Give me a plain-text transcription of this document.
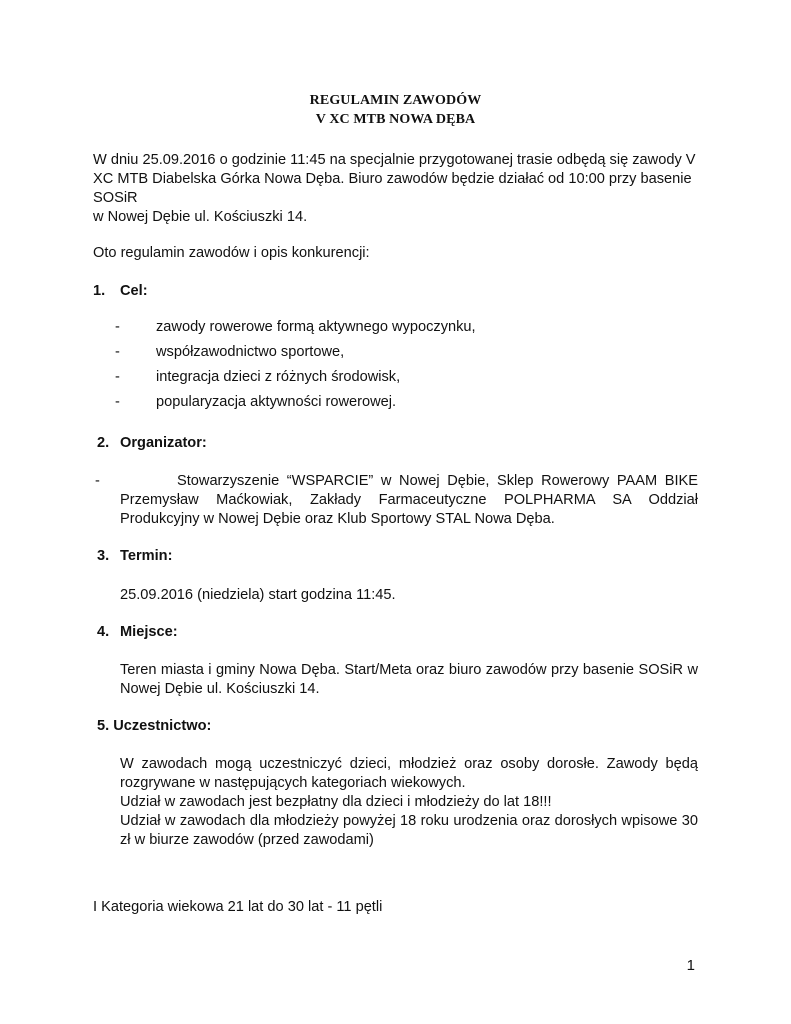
REGULAMIN ZAWODÓW
V XC MTB NOWA DĘBA
W dniu 25.09.2016 o godzinie 11:45 na specjalnie przygotowanej trasie odbędą się zawody V
XC MTB Diabelska Górka Nowa Dęba. Biuro zawodów będzie działać od 10:00 przy basenie
SOSiR
w Nowej Dębie ul. Kościuszki 14.
Oto regulamin zawodów i opis konkurencji:
1. Cel:
- zawody rowerowe formą aktywnego wypoczynku,
- współzawodnictwo sportowe,
- integracja dzieci z różnych środowisk,
- popularyzacja aktywności rowerowej.
2. Organizator:
-	Stowarzyszenie “WSPARCIE” w Nowej Dębie, Sklep Rowerowy PAAM BIKE Przemysław Maćkowiak, Zakłady Farmaceutyczne POLPHARMA SA Oddział Produkcyjny w Nowej Dębie oraz Klub Sportowy STAL Nowa Dęba.
3. Termin:
25.09.2016 (niedziela) start godzina 11:45.
4. Miejsce:
Teren miasta i gminy Nowa Dęba. Start/Meta oraz biuro zawodów przy basenie SOSiR w Nowej Dębie ul. Kościuszki 14.
5. Uczestnictwo:
W zawodach mogą uczestniczyć dzieci, młodzież oraz osoby dorosłe. Zawody będą rozgrywane w następujących kategoriach wiekowych.
Udział w zawodach jest bezpłatny dla dzieci i młodzieży do lat 18!!!
Udział w zawodach dla młodzieży powyżej 18 roku urodzenia oraz dorosłych wpisowe 30 zł w biurze zawodów (przed zawodami)
I Kategoria wiekowa 21 lat do 30 lat - 11 pętli
1
